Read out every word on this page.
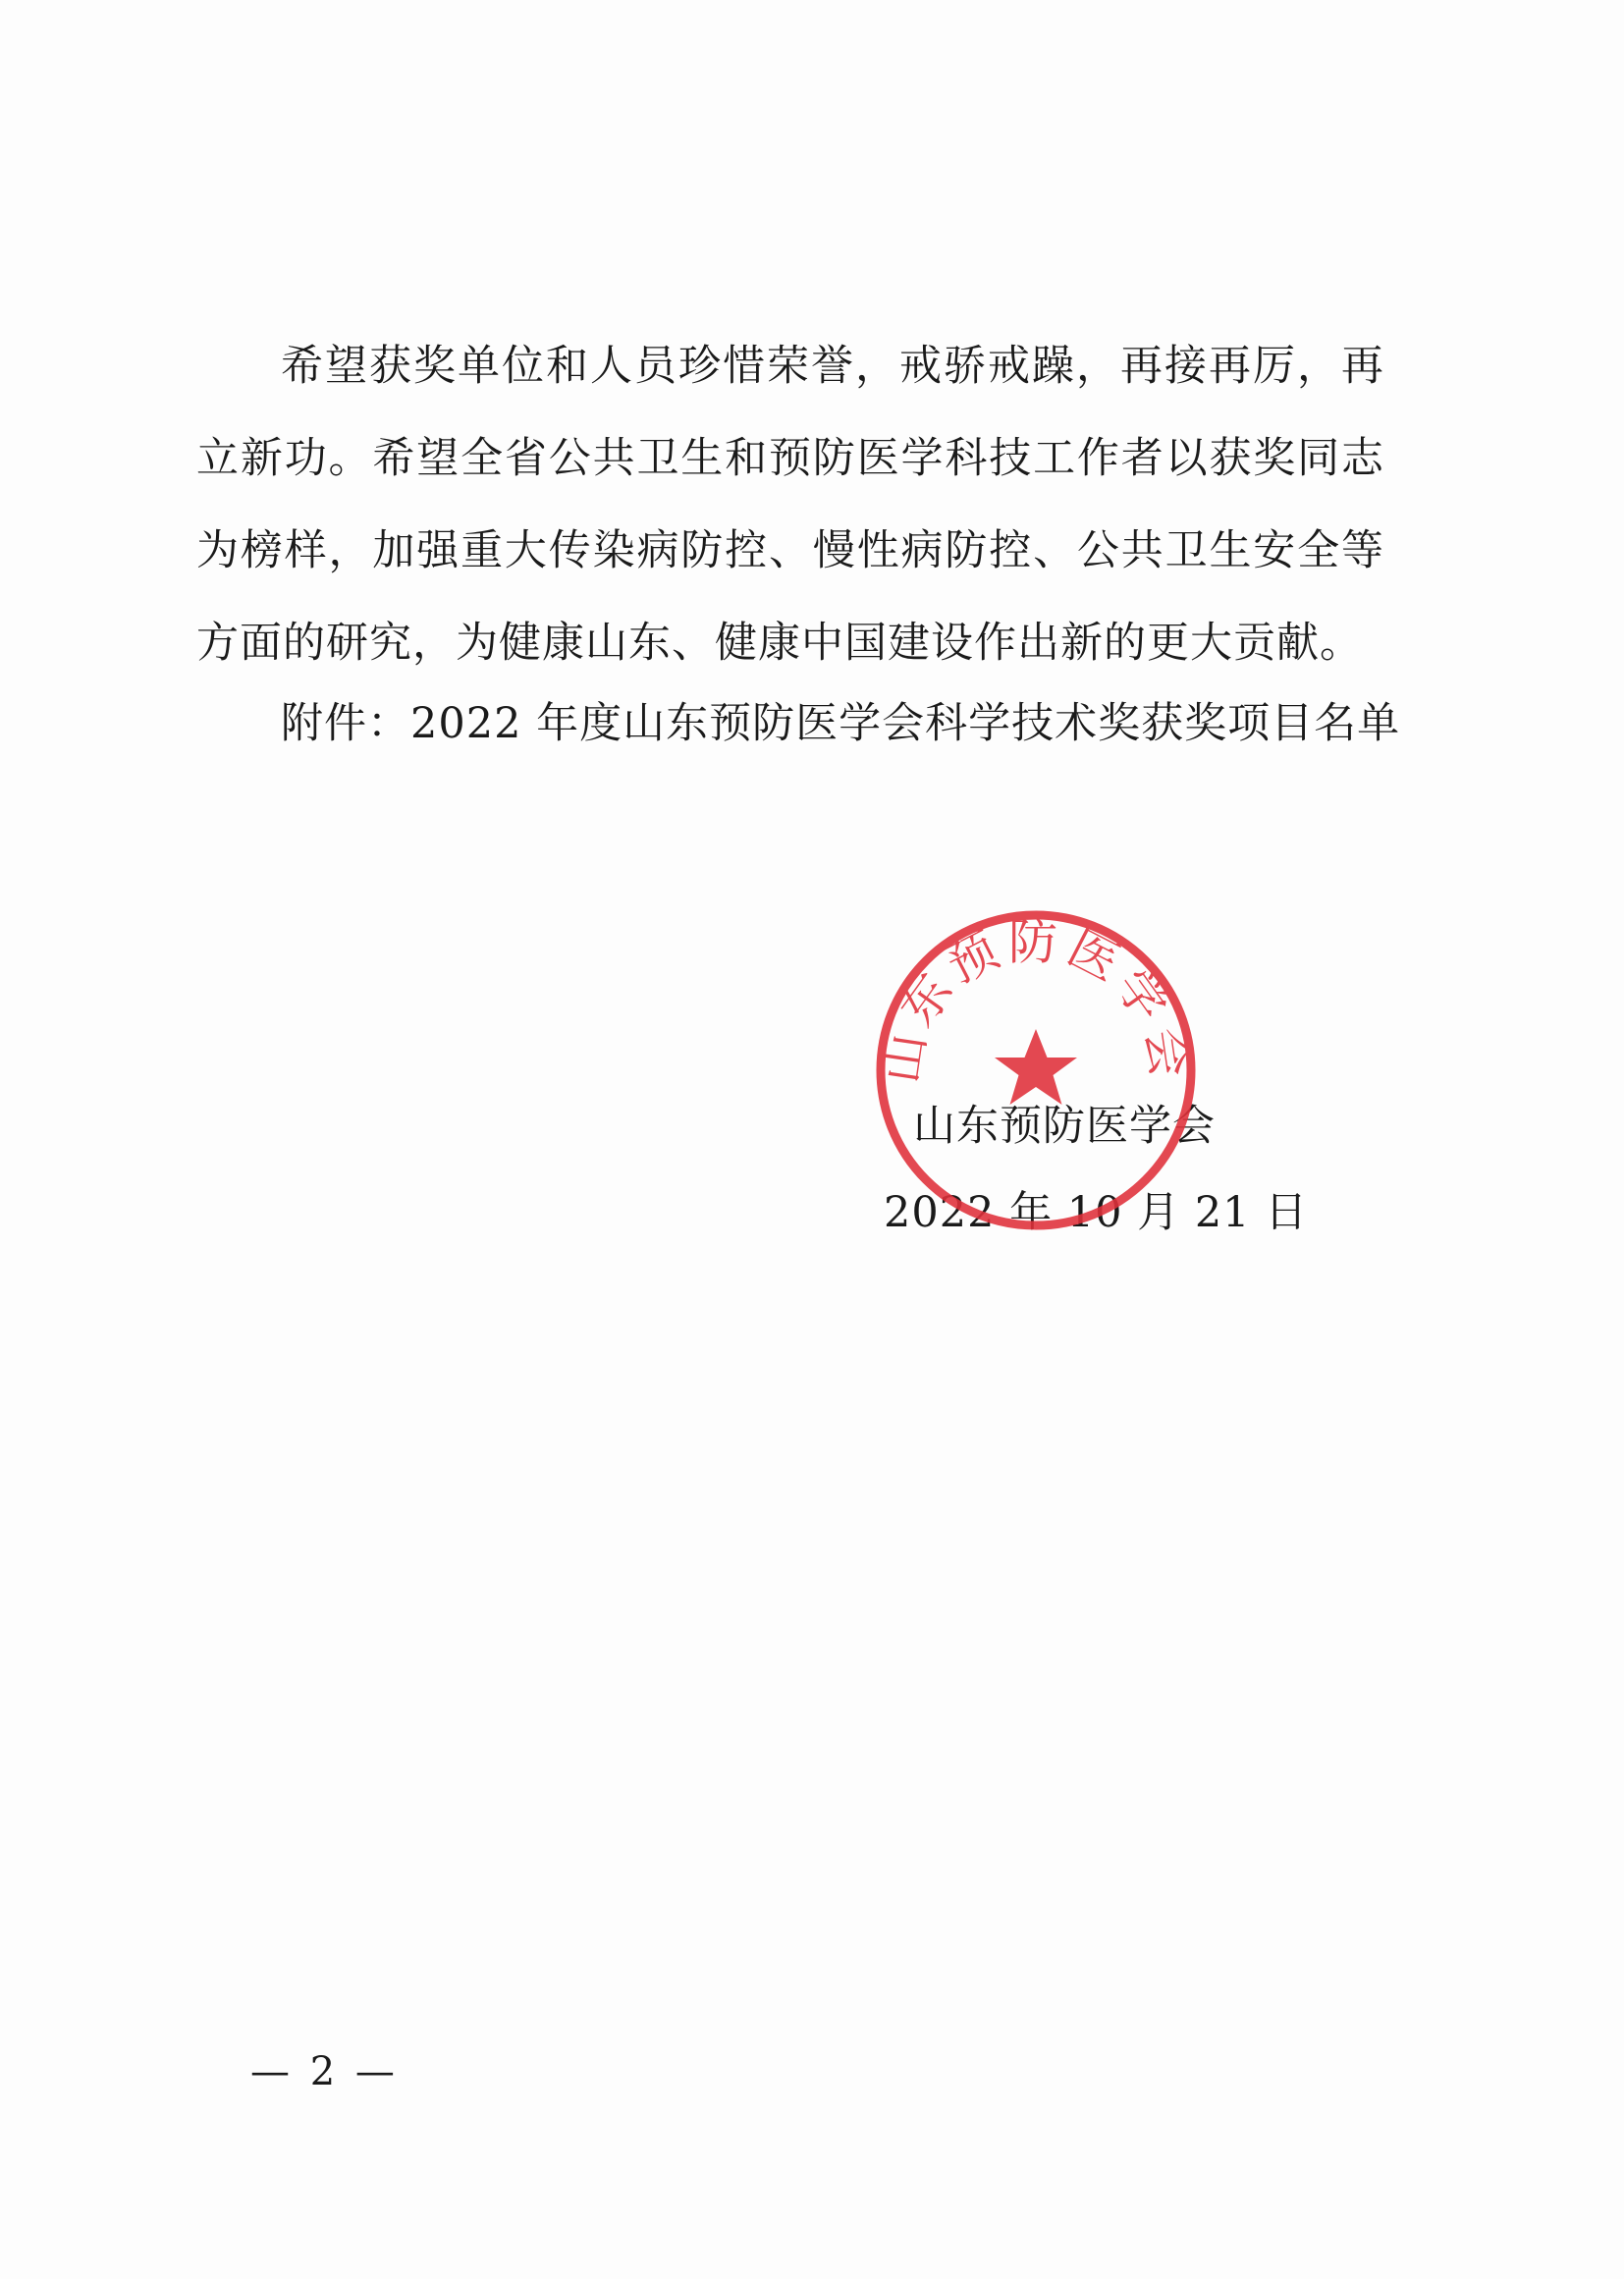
希望获奖单位和人员珍惜荣誉，戒骄戒躁，再接再厉，再立新功。希望全省公共卫生和预防医学科技工作者以获奖同志为榜样，加强重大传染病防控、慢性病防控、公共卫生安全等方面的研究，为健康山东、健康中国建设作出新的更大贡献。

附件：2022 年度山东预防医学会科学技术奖获奖项目名单
山东预防医学会
2022 年 10 月 21 日
山东预防医学会
— 2 —
